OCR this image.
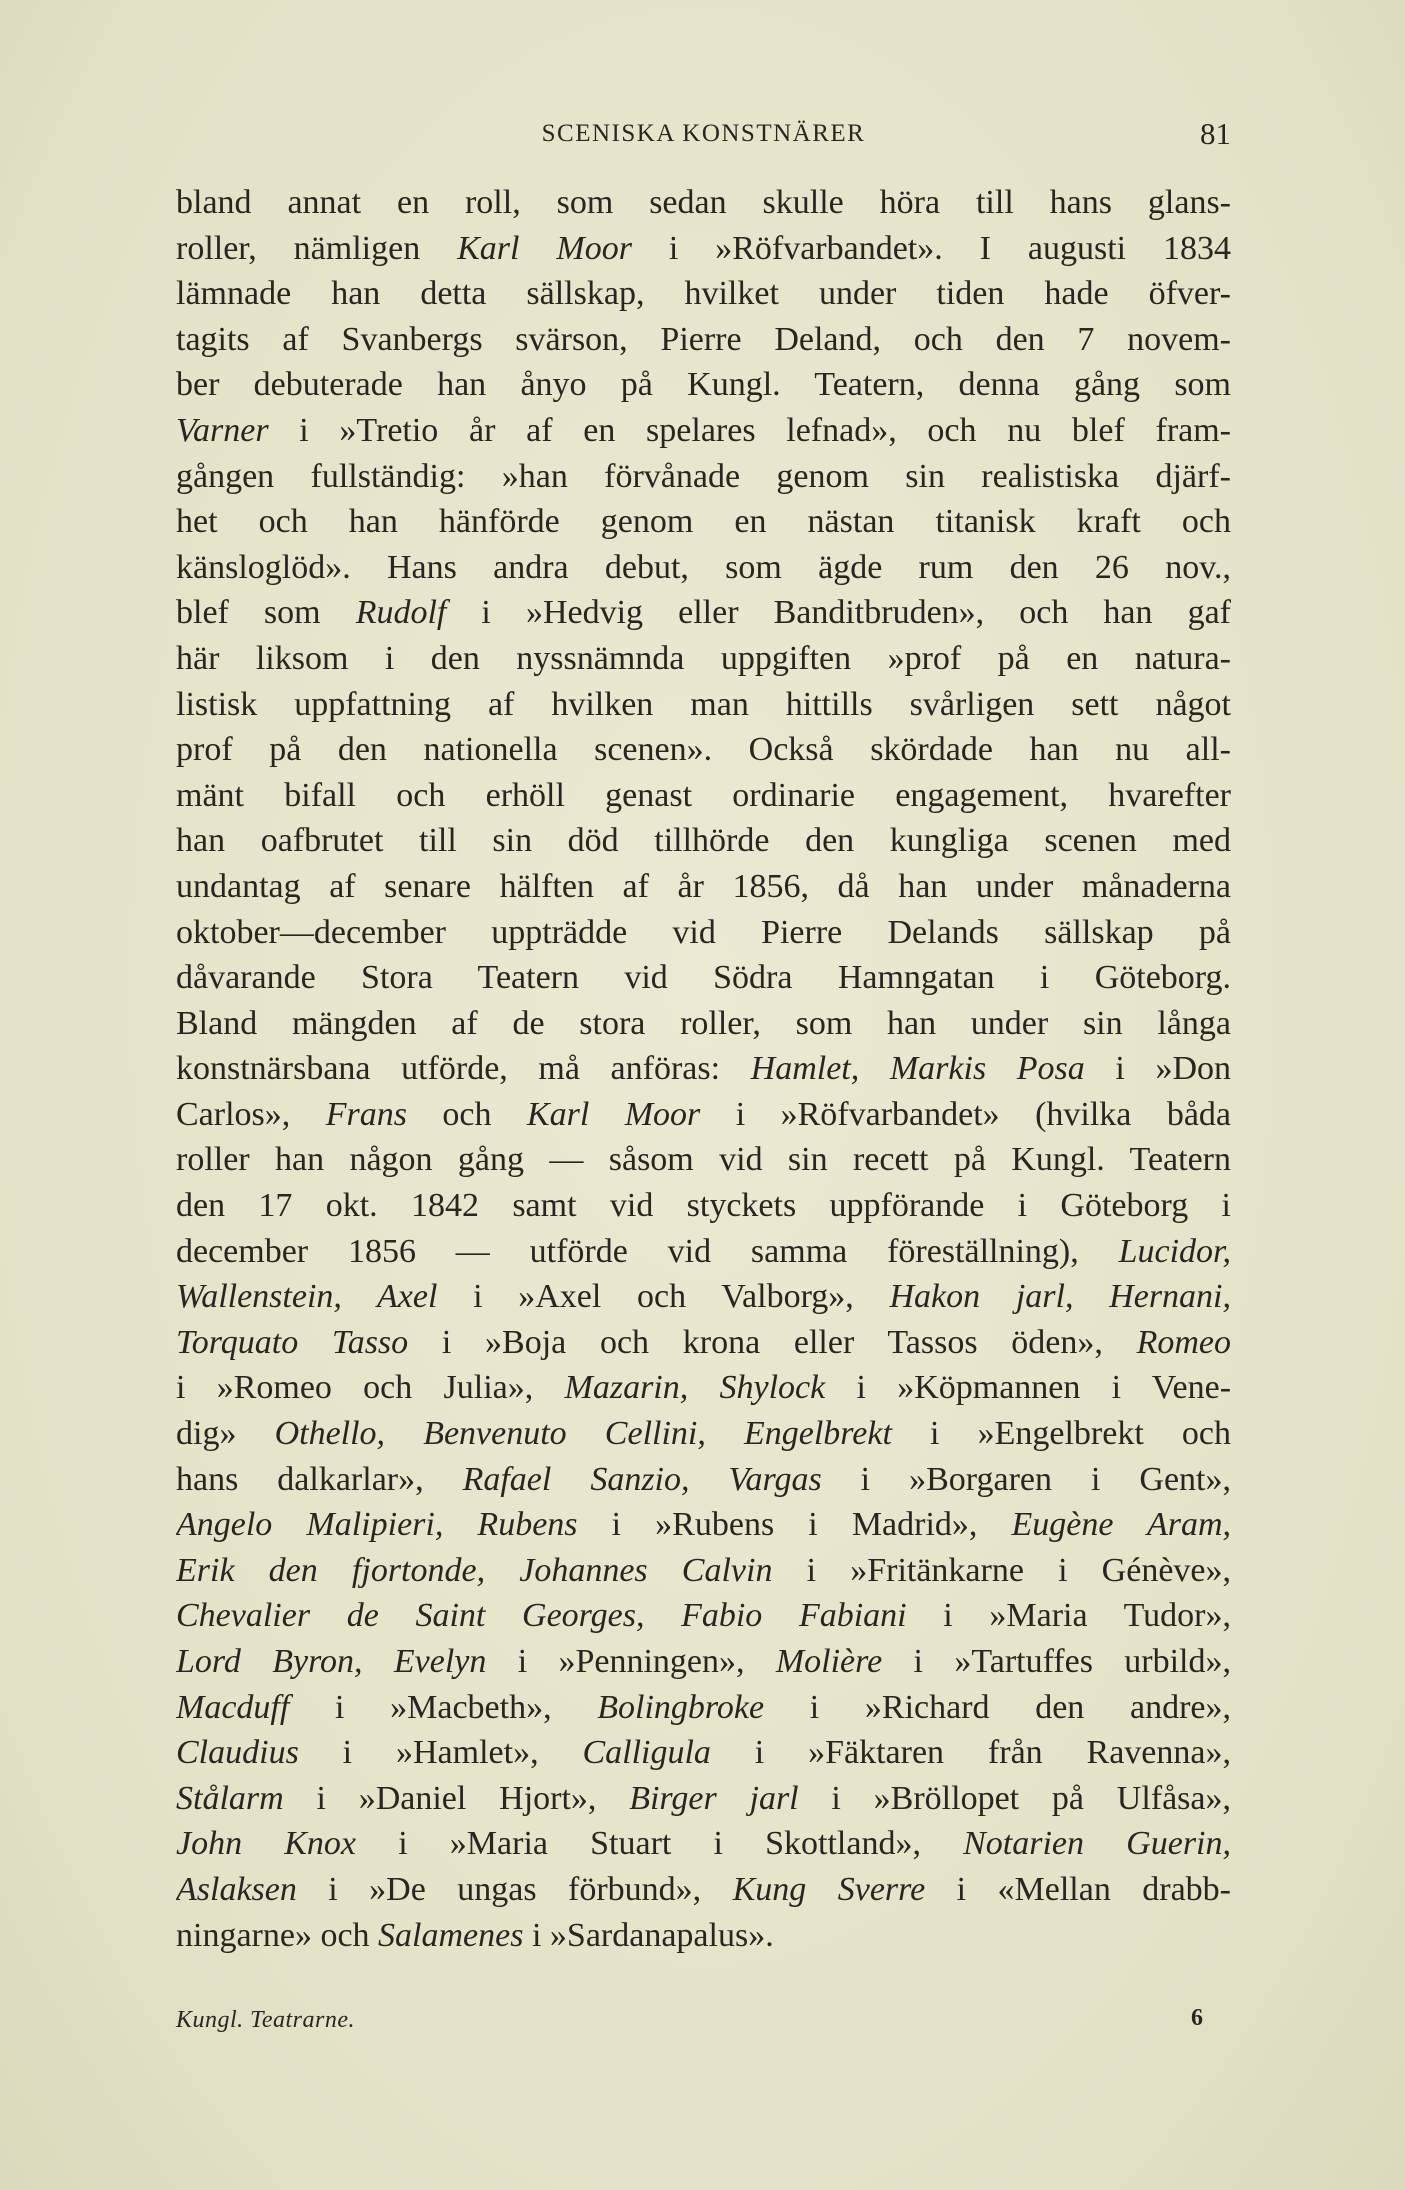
SCENISKA KONSTNÄRER	81
bland annat en roll, som sedan skulle höra till hans glans-
roller, nämligen Karl Moor i »Röfvarbandet». I augusti 1834
lämnade han detta sällskap, hvilket under tiden hade öfver-
tagits af Svanbergs svärson, Pierre Deland, och den 7 novem-
ber debuterade han ånyo på Kungl. Teatern, denna gång som
Varner i »Tretio år af en spelares lefnad», och nu blef fram-
gången fullständig: »han förvånade genom sin realistiska djärf-
het och han hänförde genom en nästan titanisk kraft och
känsloglöd». Hans andra debut, som ägde rum den 26 nov.,
blef som Rudolf i »Hedvig eller Banditbruden», och han gaf
här liksom i den nyssnämnda uppgiften »prof på en natura-
listisk uppfattning af hvilken man hittills svårligen sett något
prof på den nationella scenen». Också skördade han nu all-
mänt bifall och erhöll genast ordinarie engagement, hvarefter
han oafbrutet till sin död tillhörde den kungliga scenen med
undantag af senare hälften af år 1856, då han under månaderna
oktober—december uppträdde vid Pierre Delands sällskap på
dåvarande Stora Teatern vid Södra Hamngatan i Göteborg.
Bland mängden af de stora roller, som han under sin långa
konstnärsbana utförde, må anföras: Hamlet, Markis Posa i »Don
Carlos», Frans och Karl Moor i »Röfvarbandet» (hvilka båda
roller han någon gång — såsom vid sin recett på Kungl. Teatern
den 17 okt. 1842 samt vid styckets uppförande i Göteborg i
december 1856 — utförde vid samma föreställning), Lucidor,
Wallenstein, Axel i »Axel och Valborg», Hakon jarl, Hernani,
Torquato Tasso i »Boja och krona eller Tassos öden», Romeo
i »Romeo och Julia», Mazarin, Shylock i »Köpmannen i Vene-
dig» Othello, Benvenuto Cellini, Engelbrekt i »Engelbrekt och
hans dalkarlar», Rafael Sanzio, Vargas i »Borgaren i Gent»,
Angelo Malipieri, Rubens i »Rubens i Madrid», Eugène Aram,
Erik den fjortonde, Johannes Calvin i »Fritänkarne i Génève»,
Chevalier de Saint Georges, Fabio Fabiani i »Maria Tudor»,
Lord Byron, Evelyn i »Penningen», Molière i »Tartuffes urbild»,
Macduff i »Macbeth», Bolingbroke i »Richard den andre»,
Claudius i »Hamlet», Calligula i »Fäktaren från Ravenna»,
Stålarm i »Daniel Hjort», Birger jarl i »Bröllopet på Ulfåsa»,
John Knox i »Maria Stuart i Skottland», Notarien Guerin,
Aslaksen i »De ungas förbund», Kung Sverre i «Mellan drabb-
ningarne» och Salamenes i »Sardanapalus».
Kungl. Teatrarne.	6
